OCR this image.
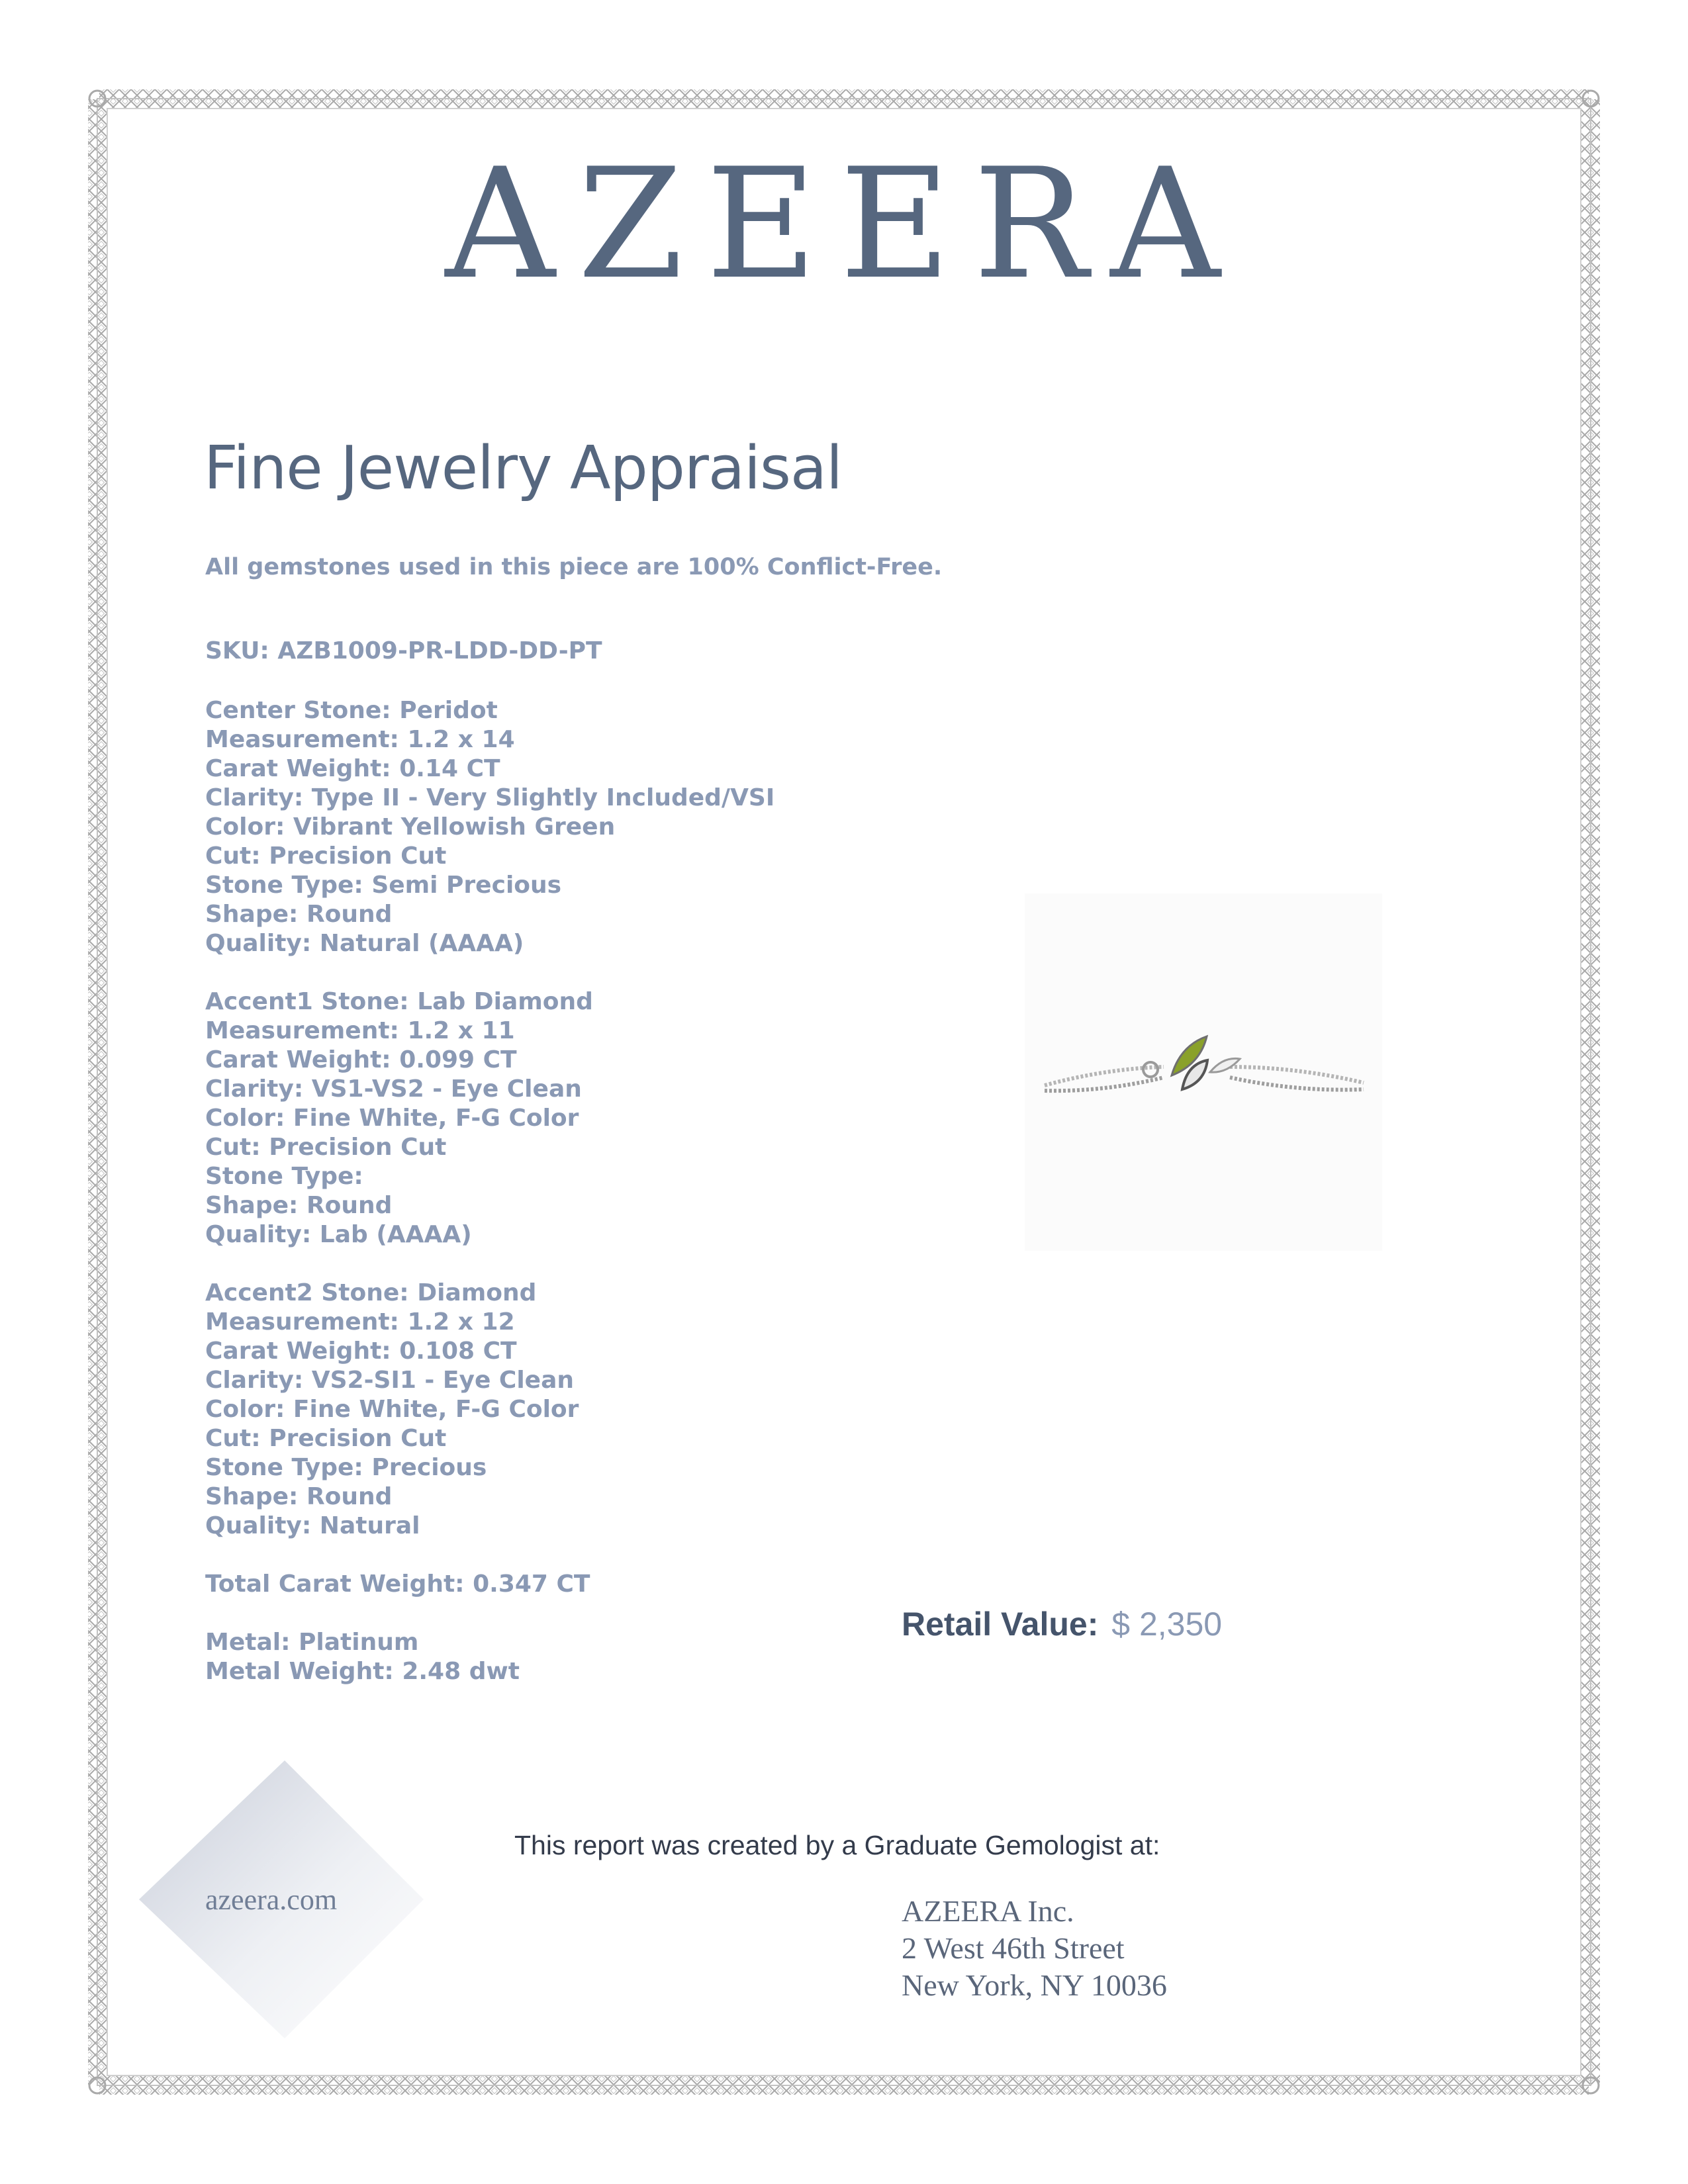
AZEERA
Fine Jewelry Appraisal
All gemstones used in this piece are 100% Conflict-Free.
SKU: AZB1009-PR-LDD-DD-PT
Center Stone: Peridot
Measurement: 1.2 x 14
Carat Weight: 0.14 CT
Clarity: Type II - Very Slightly Included/VSI
Color: Vibrant Yellowish Green
Cut: Precision Cut
Stone Type: Semi Precious
Shape: Round
Quality: Natural (AAAA)
Accent1 Stone: Lab Diamond
Measurement: 1.2 x 11
Carat Weight: 0.099 CT
Clarity: VS1-VS2 - Eye Clean
Color: Fine White, F-G Color
Cut: Precision Cut
Stone Type:
Shape: Round
Quality: Lab (AAAA)
Accent2 Stone: Diamond
Measurement: 1.2 x 12
Carat Weight: 0.108 CT
Clarity: VS2-SI1 - Eye Clean
Color: Fine White, F-G Color
Cut: Precision Cut
Stone Type: Precious
Shape: Round
Quality: Natural
Total Carat Weight: 0.347 CT
Metal: Platinum
Metal Weight: 2.48 dwt
Retail Value: $ 2,350
azeera.com
This report was created by a Graduate Gemologist at:
AZEERA Inc.
2 West 46th Street
New York, NY 10036
